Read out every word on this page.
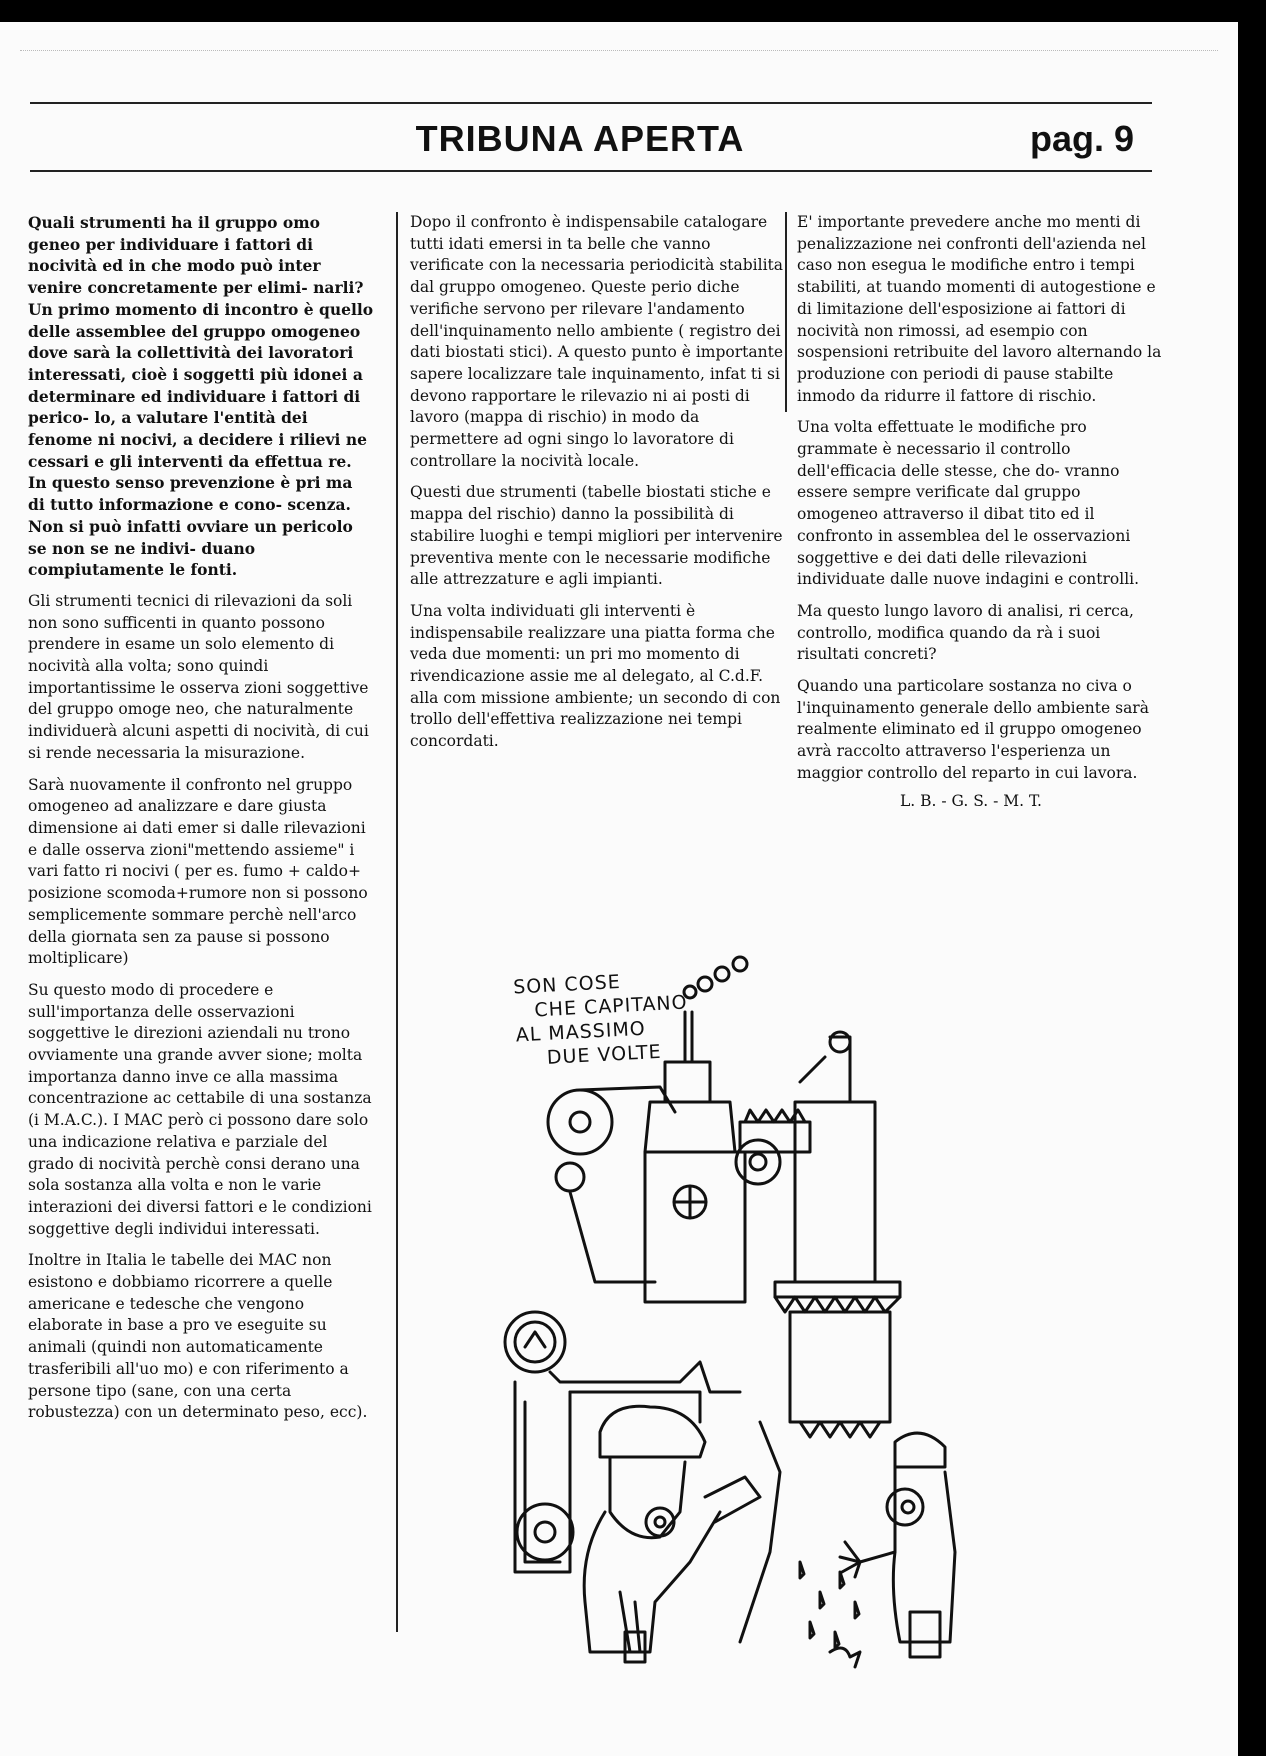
TRIBUNA APERTA	pag. 9

Quali strumenti ha il gruppo omo geneo per individuare i fattori di nocività ed in che modo può inter venire concretamente per elimi- narli? Un primo momento di incontro è quello delle assemblee del gruppo omogeneo dove sarà la collettività dei lavoratori interessati, cioè i soggetti più idonei a determinare ed individuare i fattori di perico- lo, a valutare l'entità dei fenome ni nocivi, a decidere i rilievi ne cessari e gli interventi da effettua re. In questo senso prevenzione è pri ma di tutto informazione e cono- scenza. Non si può infatti ovviare un pericolo se non se ne indivi- duano compiutamente le fonti.

Gli strumenti tecnici di rilevazioni da soli non sono sufficenti in quanto possono prendere in esame un solo elemento di nocività alla volta; sono quindi importantissime le osserva zioni soggettive del gruppo omoge neo, che naturalmente individuerà alcuni aspetti di nocività, di cui si rende necessaria la misurazione.

Sarà nuovamente il confronto nel gruppo omogeneo ad analizzare e dare giusta dimensione ai dati emer si dalle rilevazioni e dalle osserva zioni"mettendo assieme" i vari fatto ri nocivi ( per es. fumo + caldo+ posizione scomoda+rumore non si possono semplicemente sommare perchè nell'arco della giornata sen za pause si possono moltiplicare)

Su questo modo di procedere e sull'importanza delle osservazioni soggettive le direzioni aziendali nu trono ovviamente una grande avver sione; molta importanza danno inve ce alla massima concentrazione ac cettabile di una sostanza (i M.A.C.). I MAC però ci possono dare solo una indicazione relativa e parziale del grado di nocività perchè consi derano una sola sostanza alla volta e non le varie interazioni dei diversi fattori e le condizioni soggettive degli individui interessati.

Inoltre in Italia le tabelle dei MAC non esistono e dobbiamo ricorrere a quelle americane e tedesche che vengono elaborate in base a pro ve eseguite su animali (quindi non automaticamente trasferibili all'uo mo) e con riferimento a persone tipo (sane, con una certa robustezza) con un determinato peso, ecc).

Dopo il confronto è indispensabile catalogare tutti idati emersi in ta belle che vanno verificate con la necessaria periodicità stabilita dal gruppo omogeneo. Queste perio diche verifiche servono per rilevare l'andamento dell'inquinamento nello ambiente ( registro dei dati biostati stici). A questo punto è importante sapere localizzare tale inquinamento, infat ti si devono rapportare le rilevazio ni ai posti di lavoro (mappa di rischio) in modo da permettere ad ogni singo lo lavoratore di controllare la nocività locale.

Questi due strumenti (tabelle biostati stiche e mappa del rischio) danno la possibilità di stabilire luoghi e tempi migliori per intervenire preventiva mente con le necessarie modifiche alle attrezzature e agli impianti.

Una volta individuati gli interventi è indispensabile realizzare una piatta forma che veda due momenti: un pri mo momento di rivendicazione assie me al delegato, al C.d.F. alla com missione ambiente; un secondo di con trollo dell'effettiva realizzazione nei tempi concordati.

E' importante prevedere anche mo menti di penalizzazione nei confronti dell'azienda nel caso non esegua le modifiche entro i tempi stabiliti, at tuando momenti di autogestione e di limitazione dell'esposizione ai fattori di nocività non rimossi, ad esempio con sospensioni retribuite del lavoro alternando la produzione con periodi di pause stabilte inmodo da ridurre il fattore di rischio.

Una volta effettuate le modifiche pro grammate è necessario il controllo dell'efficacia delle stesse, che do- vranno essere sempre verificate dal gruppo omogeneo attraverso il dibat tito ed il confronto in assemblea del le osservazioni soggettive e dei dati delle rilevazioni individuate dalle nuove indagini e controlli.

Ma questo lungo lavoro di analisi, ri cerca, controllo, modifica quando da rà i suoi risultati concreti?

Quando una particolare sostanza no civa o l'inquinamento generale dello ambiente sarà realmente eliminato ed il gruppo omogeneo avrà raccolto attraverso l'esperienza un maggior controllo del reparto in cui lavora.

L. B. - G. S. - M. T.
ooo
SON COSE
CHE CAPITANO
AL MASSIMO
DUE VOLTE
